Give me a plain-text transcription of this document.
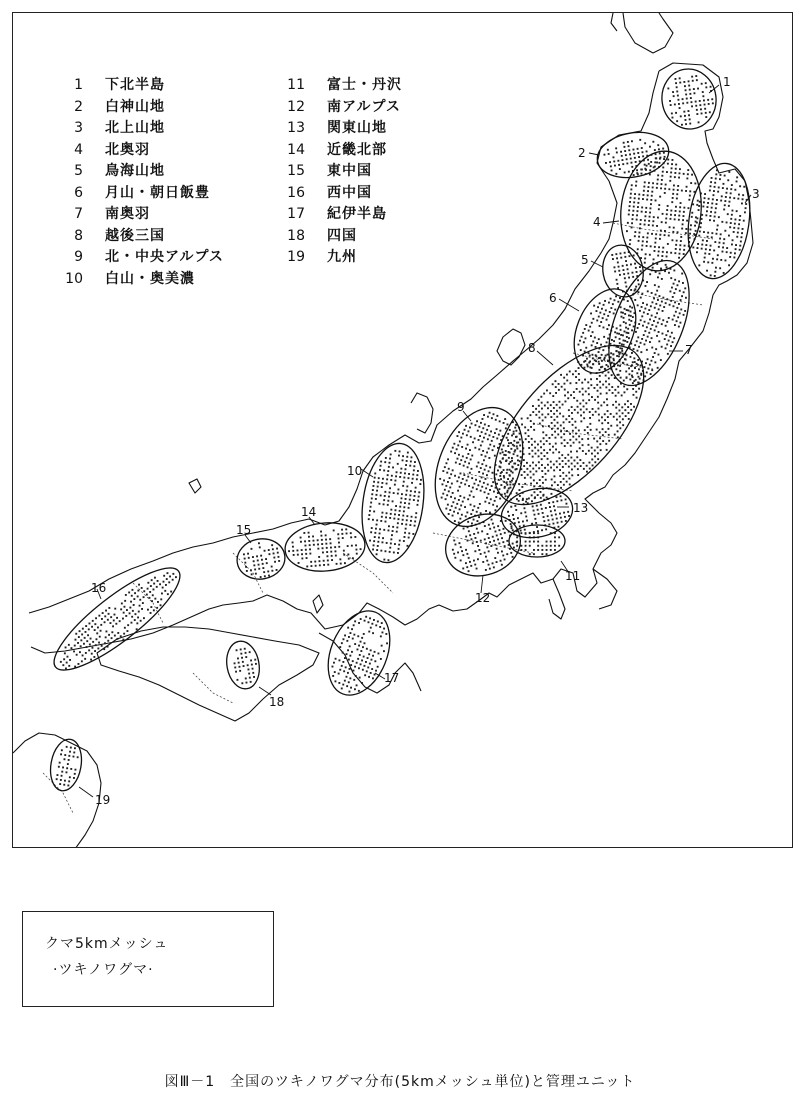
1 下北半島
2 白神山地
3 北上山地
4 北奥羽
5 鳥海山地
6 月山・朝日飯豊
7 南奥羽
8 越後三国
9 北・中央アルプス
10 白山・奥美濃
11 富士・丹沢
12 南アルプス
13 関東山地
14 近畿北部
15 東中国
16 西中国
17 紀伊半島
18 四国
19 九州
1
2
3
4
5
6
7
8
9
10
11
12
13
14
15
16
17
18
19
クマ5kmメッシュ
·ツキノワグマ·
図Ⅲ－1　全国のツキノワグマ分布(5kmメッシュ単位)と管理ユニット
